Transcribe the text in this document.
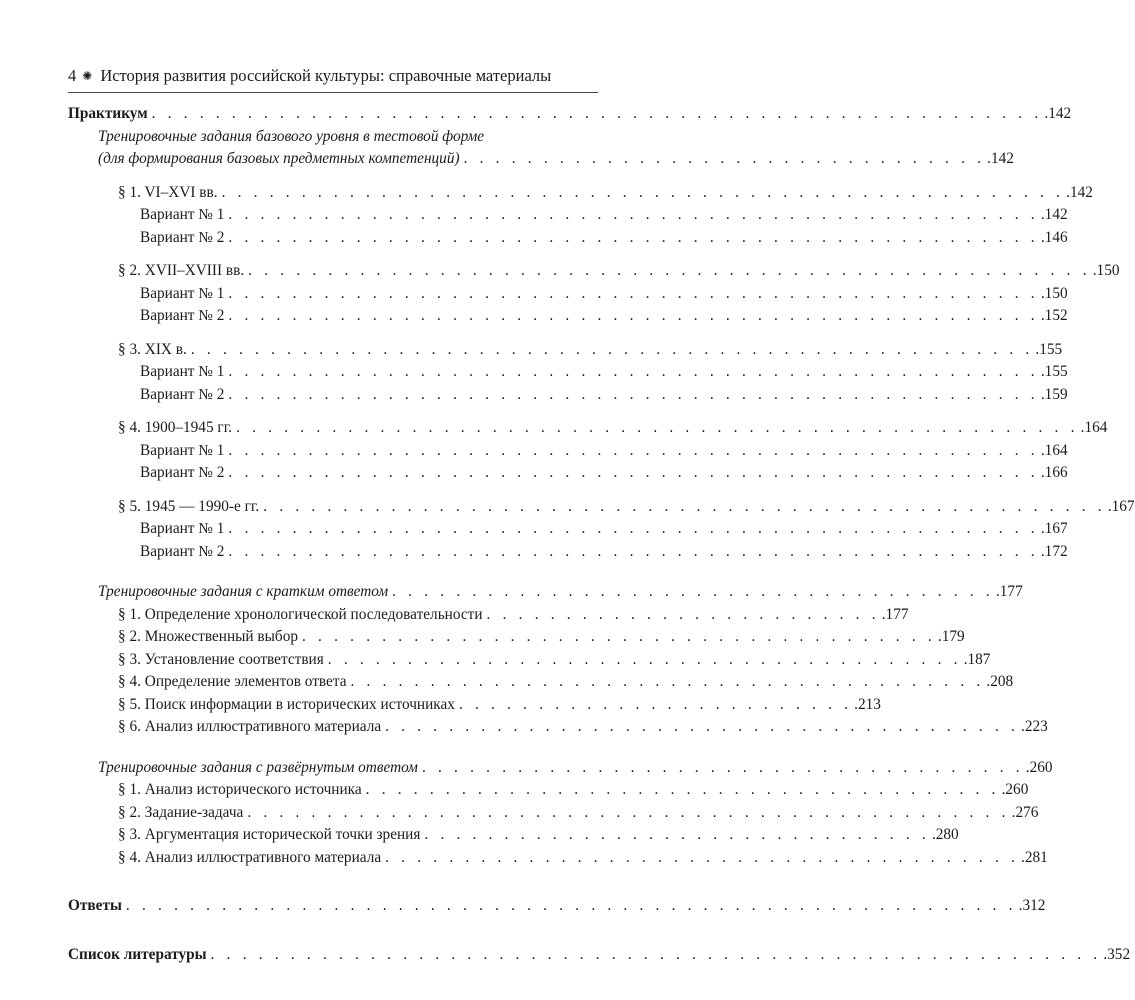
4 ✺ История развития российской культуры: справочные материалы
Практикум . . . . . . . . . . . . . . . . . . . . . . . . . . . . . . . . . . . . . . . . . . . . . . . . . . . . . . . . .142
Тренировочные задания базового уровня в тестовой форме
(для формирования базовых предметных компетенций) . . . . . . . . . . . . . . . . . . . . . . . . . . . . . . . . . .142
§ 1. VI–XVI вв. . . . . . . . . . . . . . . . . . . . . . . . . . . . . . . . . . . . . . . . . . . . . . . . . . . . . . .142
Вариант № 1 . . . . . . . . . . . . . . . . . . . . . . . . . . . . . . . . . . . . . . . . . . . . . . . . . . . .142
Вариант № 2 . . . . . . . . . . . . . . . . . . . . . . . . . . . . . . . . . . . . . . . . . . . . . . . . . . . .146
§ 2. XVII–XVIII вв. . . . . . . . . . . . . . . . . . . . . . . . . . . . . . . . . . . . . . . . . . . . . . . . . . . . . . .150
Вариант № 1 . . . . . . . . . . . . . . . . . . . . . . . . . . . . . . . . . . . . . . . . . . . . . . . . . . . .150
Вариант № 2 . . . . . . . . . . . . . . . . . . . . . . . . . . . . . . . . . . . . . . . . . . . . . . . . . . . .152
§ 3. XIX в. . . . . . . . . . . . . . . . . . . . . . . . . . . . . . . . . . . . . . . . . . . . . . . . . . . . . . .155
Вариант № 1 . . . . . . . . . . . . . . . . . . . . . . . . . . . . . . . . . . . . . . . . . . . . . . . . . . . .155
Вариант № 2 . . . . . . . . . . . . . . . . . . . . . . . . . . . . . . . . . . . . . . . . . . . . . . . . . . . .159
§ 4. 1900–1945 гг. . . . . . . . . . . . . . . . . . . . . . . . . . . . . . . . . . . . . . . . . . . . . . . . . . . . . . .164
Вариант № 1 . . . . . . . . . . . . . . . . . . . . . . . . . . . . . . . . . . . . . . . . . . . . . . . . . . . .164
Вариант № 2 . . . . . . . . . . . . . . . . . . . . . . . . . . . . . . . . . . . . . . . . . . . . . . . . . . . .166
§ 5. 1945 — 1990-е гг. . . . . . . . . . . . . . . . . . . . . . . . . . . . . . . . . . . . . . . . . . . . . . . . . . . . . . .167
Вариант № 1 . . . . . . . . . . . . . . . . . . . . . . . . . . . . . . . . . . . . . . . . . . . . . . . . . . . .167
Вариант № 2 . . . . . . . . . . . . . . . . . . . . . . . . . . . . . . . . . . . . . . . . . . . . . . . . . . . .172
Тренировочные задания с кратким ответом . . . . . . . . . . . . . . . . . . . . . . . . . . . . . . . . . . . . . . .177
§ 1. Определение хронологической последовательности . . . . . . . . . . . . . . . . . . . . . . . . . .177
§ 2. Множественный выбор . . . . . . . . . . . . . . . . . . . . . . . . . . . . . . . . . . . . . . . . .179
§ 3. Установление соответствия . . . . . . . . . . . . . . . . . . . . . . . . . . . . . . . . . . . . . . . . .187
§ 4. Определение элементов ответа . . . . . . . . . . . . . . . . . . . . . . . . . . . . . . . . . . . . . . . . .208
§ 5. Поиск информации в исторических источниках . . . . . . . . . . . . . . . . . . . . . . . . . .213
§ 6. Анализ иллюстративного материала . . . . . . . . . . . . . . . . . . . . . . . . . . . . . . . . . . . . . . . . .223
Тренировочные задания с развёрнутым ответом . . . . . . . . . . . . . . . . . . . . . . . . . . . . . . . . . . . . . . .260
§ 1. Анализ исторического источника . . . . . . . . . . . . . . . . . . . . . . . . . . . . . . . . . . . . . . . . .260
§ 2. Задание-задача . . . . . . . . . . . . . . . . . . . . . . . . . . . . . . . . . . . . . . . . . . . . . . . . .276
§ 3. Аргументация исторической точки зрения . . . . . . . . . . . . . . . . . . . . . . . . . . . . . . . . .280
§ 4. Анализ иллюстративного материала . . . . . . . . . . . . . . . . . . . . . . . . . . . . . . . . . . . . . . . . .281
Ответы . . . . . . . . . . . . . . . . . . . . . . . . . . . . . . . . . . . . . . . . . . . . . . . . . . . . . . . . .312
Список литературы . . . . . . . . . . . . . . . . . . . . . . . . . . . . . . . . . . . . . . . . . . . . . . . . . . . . . . . . .352
